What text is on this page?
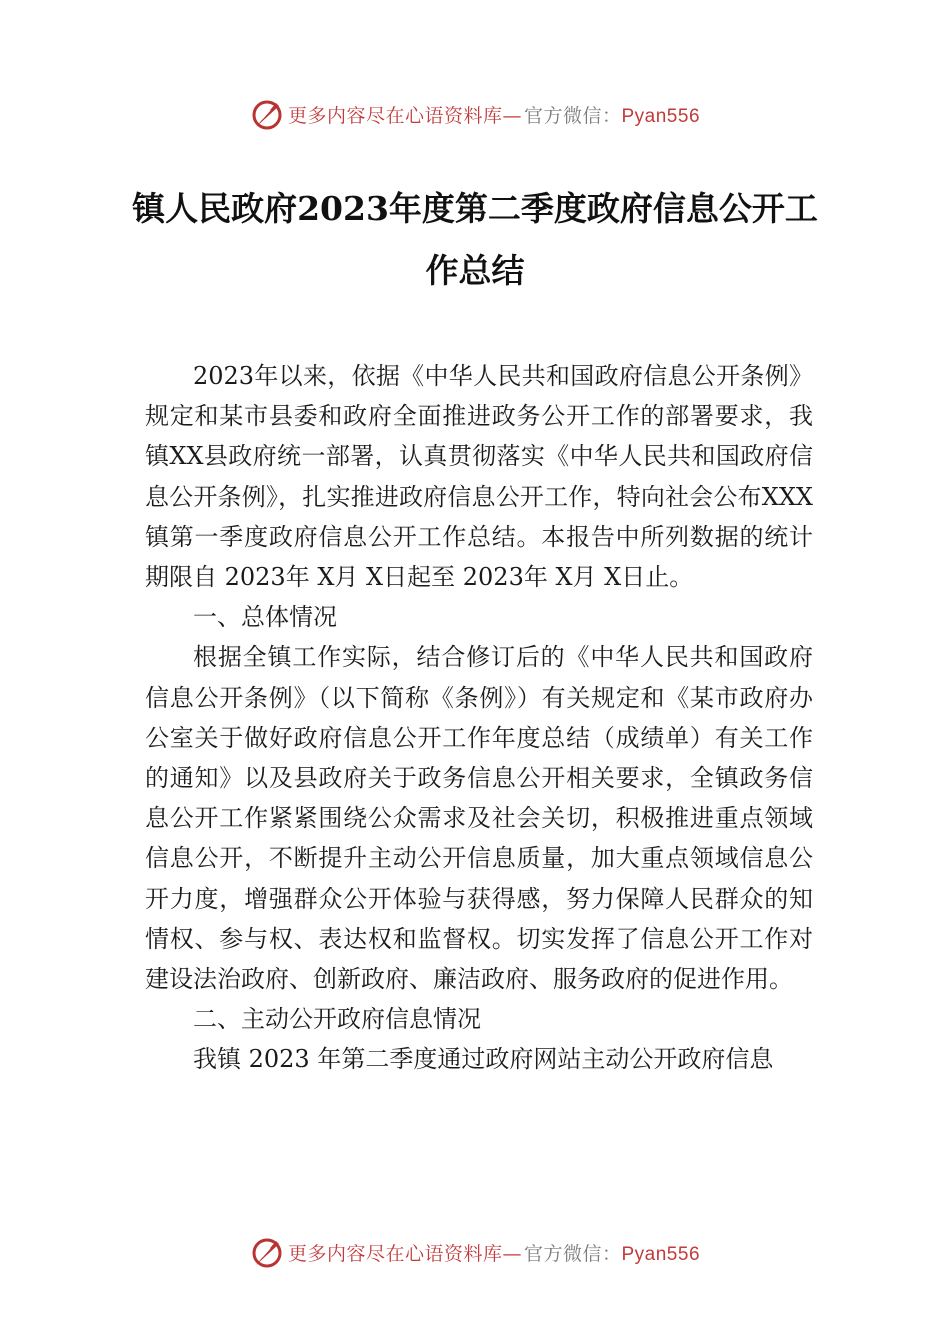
更多内容尽在心语资料库— 官方微信：Pyan556
镇人民政府2023年度第二季度政府信息公开工作总结

2023年以来，依据《中华人民共和国政府信息公开条例》规定和某市县委和政府全面推进政务公开工作的部署要求，我镇XX县政府统一部署，认真贯彻落实《中华人民共和国政府信息公开条例》，扎实推进政府信息公开工作，特向社会公布XXX镇第一季度政府信息公开工作总结。本报告中所列数据的统计期限自 2023年 X月 X日起至 2023年 X月 X日止。

一、总体情况

根据全镇工作实际，结合修订后的《中华人民共和国政府信息公开条例》（以下简称《条例》）有关规定和《某市政府办公室关于做好政府信息公开工作年度总结（成绩单）有关工作的通知》以及县政府关于政务信息公开相关要求，全镇政务信息公开工作紧紧围绕公众需求及社会关切，积极推进重点领域信息公开，不断提升主动公开信息质量，加大重点领域信息公开力度，增强群众公开体验与获得感，努力保障人民群众的知情权、参与权、表达权和监督权。切实发挥了信息公开工作对建设法治政府、创新政府、廉洁政府、服务政府的促进作用。

二、主动公开政府信息情况

我镇 2023 年第二季度通过政府网站主动公开政府信息

更多内容尽在心语资料库— 官方微信：Pyan556
